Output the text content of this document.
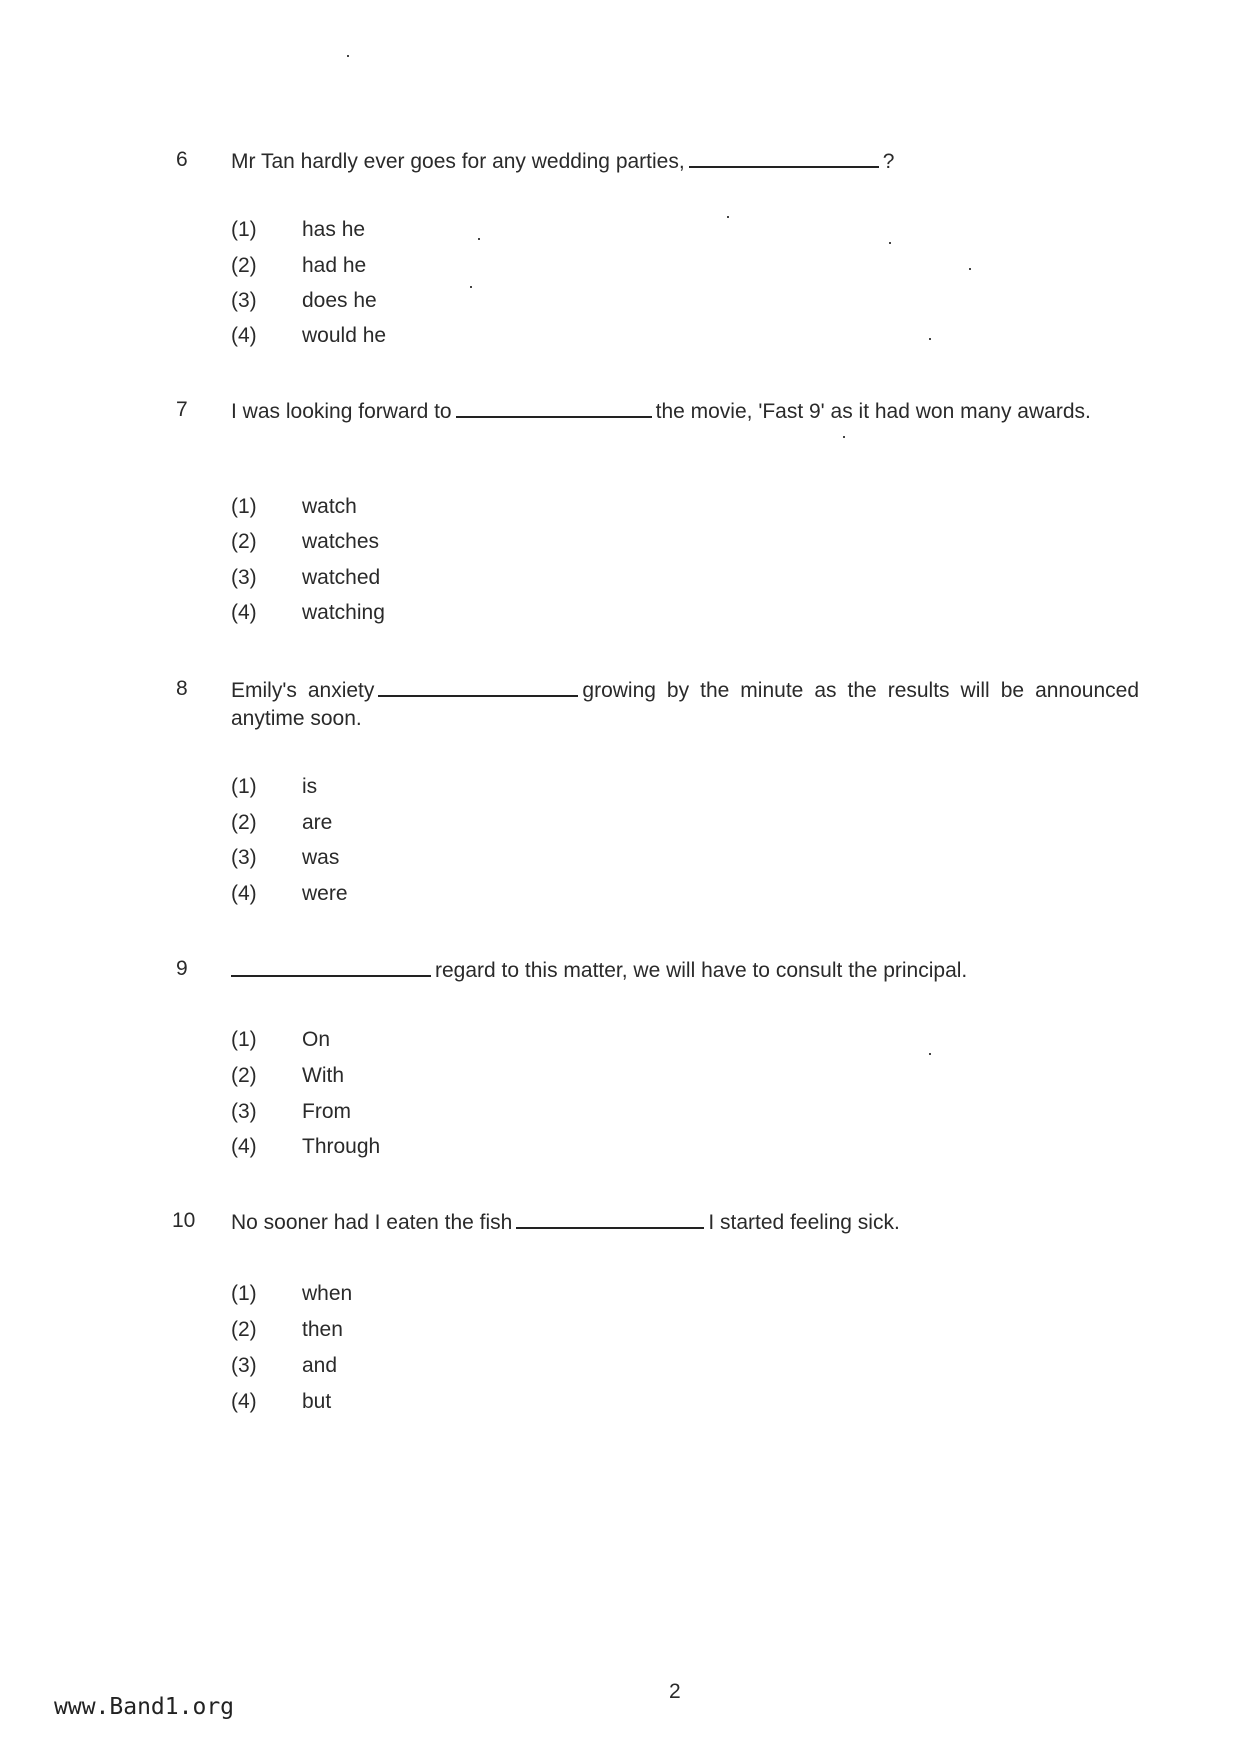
6 Mr Tan hardly ever goes for any wedding parties,	?
(1) has he
(2) had he
(3) does he
(4) would he
7 I was looking forward to	the movie, 'Fast 9' as it had won many awards.
(1) watch
(2) watches
(3) watched
(4) watching
8 Emily's anxiety	growing by the minute as the results will be announced anytime soon.
(1) is
(2) are
(3) was
(4) were
9	regard to this matter, we will have to consult the principal.
(1) On
(2) With
(3) From
(4) Through
10 No sooner had I eaten the fish	I started feeling sick.
(1) when
(2) then
(3) and
(4) but
www.Band1.org
2
